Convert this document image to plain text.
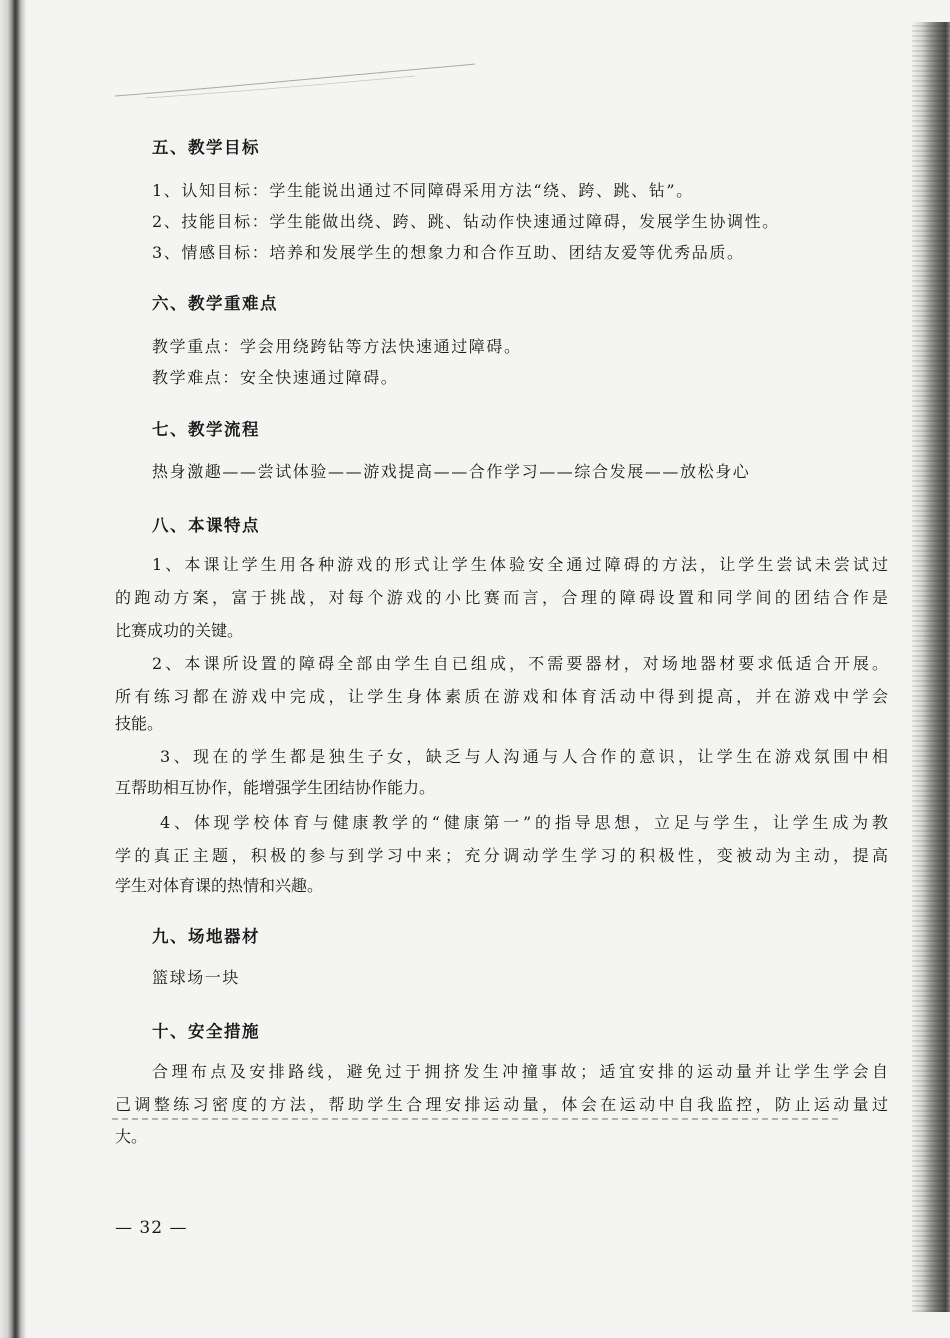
五、教学目标
1、认知目标：学生能说出通过不同障碍采用方法“绕、跨、跳、钻”。
2、技能目标：学生能做出绕、跨、跳、钻动作快速通过障碍，发展学生协调性。
3、情感目标：培养和发展学生的想象力和合作互助、团结友爱等优秀品质。
六、教学重难点
教学重点：学会用绕跨钻等方法快速通过障碍。
教学难点：安全快速通过障碍。
七、教学流程
热身激趣——尝试体验——游戏提高——合作学习——综合发展——放松身心
八、本课特点
1、本课让学生用各种游戏的形式让学生体验安全通过障碍的方法，让学生尝试未尝试过
的跑动方案，富于挑战，对每个游戏的小比赛而言，合理的障碍设置和同学间的团结合作是
比赛成功的关键。
2、本课所设置的障碍全部由学生自已组成，不需要器材，对场地器材要求低适合开展。
所有练习都在游戏中完成，让学生身体素质在游戏和体育活动中得到提高，并在游戏中学会
技能。
3、现在的学生都是独生子女，缺乏与人沟通与人合作的意识，让学生在游戏氛围中相
互帮助相互协作，能增强学生团结协作能力。
4、体现学校体育与健康教学的“健康第一”的指导思想，立足与学生，让学生成为教
学的真正主题，积极的参与到学习中来；充分调动学生学习的积极性，变被动为主动，提高
学生对体育课的热情和兴趣。
九、场地器材
篮球场一块
十、安全措施
合理布点及安排路线，避免过于拥挤发生冲撞事故；适宜安排的运动量并让学生学会自
己调整练习密度的方法，帮助学生合理安排运动量，体会在运动中自我监控，防止运动量过
大。
— 32 —
